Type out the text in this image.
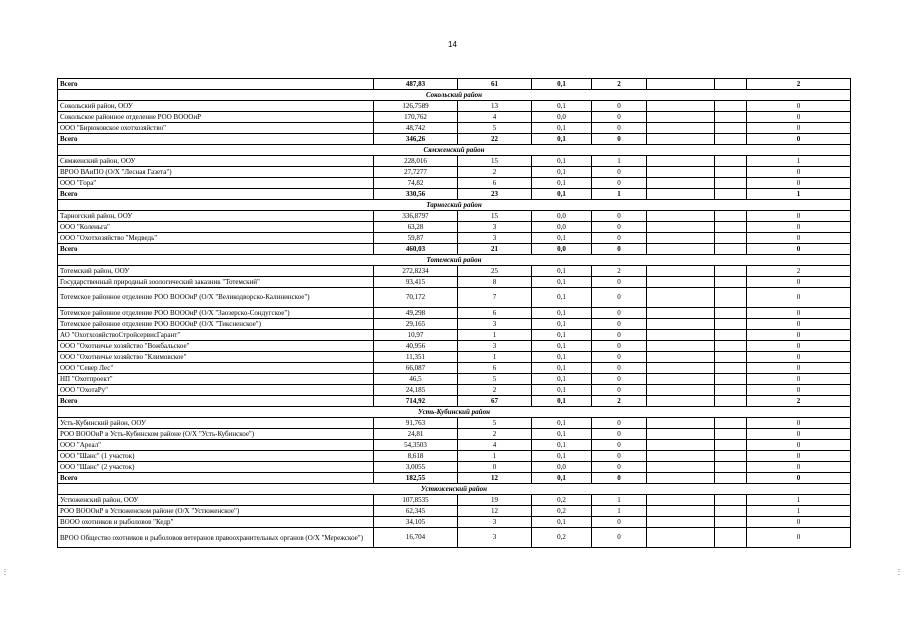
14
.
:
.
:
Всего	487,83	61	0,1	2			2
Сокольский район							
Сокольский район, ООУ	126,7589	13	0,1	0			0
Сокольское районное отделение РОО ВОООиР	170,762	4	0,0	0			0
ООО "Бирюковское охотхозяйство"	48,742	5	0,1	0			0
Всего	346,26	22	0,1	0			0
Сямженский район							
Сямженский район, ООУ	228,016	15	0,1	1			1
ВРОО ВАиПО (О/Х "Лесная Газета")	27,7277	2	0,1	0			0
ООО "Гора"	74,82	6	0,1	0			0
Всего	330,56	23	0,1	1			1
Тарногский район							
Тарногский район, ООУ	336,8797	15	0,0	0			0
ООО "Коленьга"	63,28	3	0,0	0			0
ООО "Охотхозяйство "Медведь"	59,87	3	0,1	0			0
Всего	460,03	21	0,0	0			0
Тотемский район							
Тотемский район, ООУ	272,8234	25	0,1	2			2
Государственный природный зоологический заказник "Тотемский"	93,415	8	0,1	0			0
Тотемское районное отделение РОО ВОООиР (О/Х "Великодворско-Калининское")	70,172	7	0,1	0			0
Тотемское районное отделение РОО ВОООиР (О/Х "Заозерско-Сондугское")	49,298	6	0,1	0			0
Тотемское районное отделение РОО ВОООиР (О/Х "Тиксненское")	29,165	3	0,1	0			0
АО "ОхотхозяйствоСтройсервисГарант"	10,97	1	0,1	0			0
ООО "Охотничье хозяйство "Вожбальское"	40,956	3	0,1	0			0
ООО "Охотничье хозяйство "Климовское"	11,351	1	0,1	0			0
ООО "Север Лес"	66,087	6	0,1	0			0
НП "Охотпроект"	46,5	5	0,1	0			0
ООО "ОхотаРу"	24,185	2	0,1	0			0
Всего	714,92	67	0,1	2			2
Усть-Кубинский район							
Усть-Кубинский район, ООУ	91,763	5	0,1	0			0
РОО ВОООиР в Усть-Кубинском районе (О/Х "Усть-Кубинское")	24,81	2	0,1	0			0
ООО "Ареал"	54,3503	4	0,1	0			0
ООО "Шанс" (1 участок)	8,618	1	0,1	0			0
ООО "Шанс" (2 участок)	3,0055	0	0,0	0			0
Всего	182,55	12	0,1	0			0
Устюженский район							
Устюженский район, ООУ	107,8535	19	0,2	1			1
РОО ВОООиР в Устюженском районе (О/Х "Устюженское")	62,345	12	0,2	1			1
ВООО охотников и рыболовов "Кедр"	34,105	3	0,1	0			0
ВРОО Общество охотников и рыболовов ветеранов правоохранительных органов (О/Х "Мережское")	16,704	3	0,2	0			0
